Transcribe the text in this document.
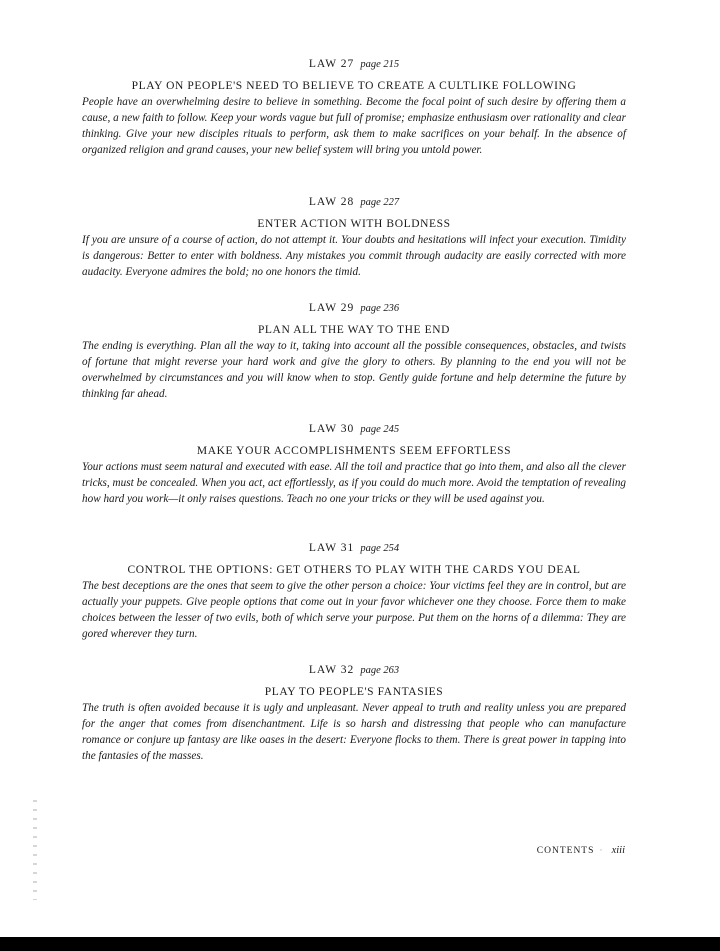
LAW 27 page 215

PLAY ON PEOPLE'S NEED TO BELIEVE TO CREATE A CULTLIKE FOLLOWING

People have an overwhelming desire to believe in something. Become the focal point of such desire by offering them a cause, a new faith to follow. Keep your words vague but full of promise; emphasize enthusiasm over rationality and clear thinking. Give your new disciples rituals to perform, ask them to make sacrifices on your behalf. In the absence of organized religion and grand causes, your new belief system will bring you untold power.

LAW 28 page 227

ENTER ACTION WITH BOLDNESS

If you are unsure of a course of action, do not attempt it. Your doubts and hesitations will infect your execution. Timidity is dangerous: Better to enter with boldness. Any mistakes you commit through audacity are easily corrected with more audacity. Everyone admires the bold; no one honors the timid.

LAW 29 page 236

PLAN ALL THE WAY TO THE END

The ending is everything. Plan all the way to it, taking into account all the possible consequences, obstacles, and twists of fortune that might reverse your hard work and give the glory to others. By planning to the end you will not be overwhelmed by circumstances and you will know when to stop. Gently guide fortune and help determine the future by thinking far ahead.

LAW 30 page 245

MAKE YOUR ACCOMPLISHMENTS SEEM EFFORTLESS

Your actions must seem natural and executed with ease. All the toil and practice that go into them, and also all the clever tricks, must be concealed. When you act, act effortlessly, as if you could do much more. Avoid the temptation of revealing how hard you work—it only raises questions. Teach no one your tricks or they will be used against you.

LAW 31 page 254

CONTROL THE OPTIONS: GET OTHERS TO PLAY WITH THE CARDS YOU DEAL

The best deceptions are the ones that seem to give the other person a choice: Your victims feel they are in control, but are actually your puppets. Give people options that come out in your favor whichever one they choose. Force them to make choices between the lesser of two evils, both of which serve your purpose. Put them on the horns of a dilemma: They are gored wherever they turn.

LAW 32 page 263

PLAY TO PEOPLE'S FANTASIES

The truth is often avoided because it is ugly and unpleasant. Never appeal to truth and reality unless you are prepared for the anger that comes from disenchantment. Life is so harsh and distressing that people who can manufacture romance or conjure up fantasy are like oases in the desert: Everyone flocks to them. There is great power in tapping into the fantasies of the masses.

CONTENTS · xiii
